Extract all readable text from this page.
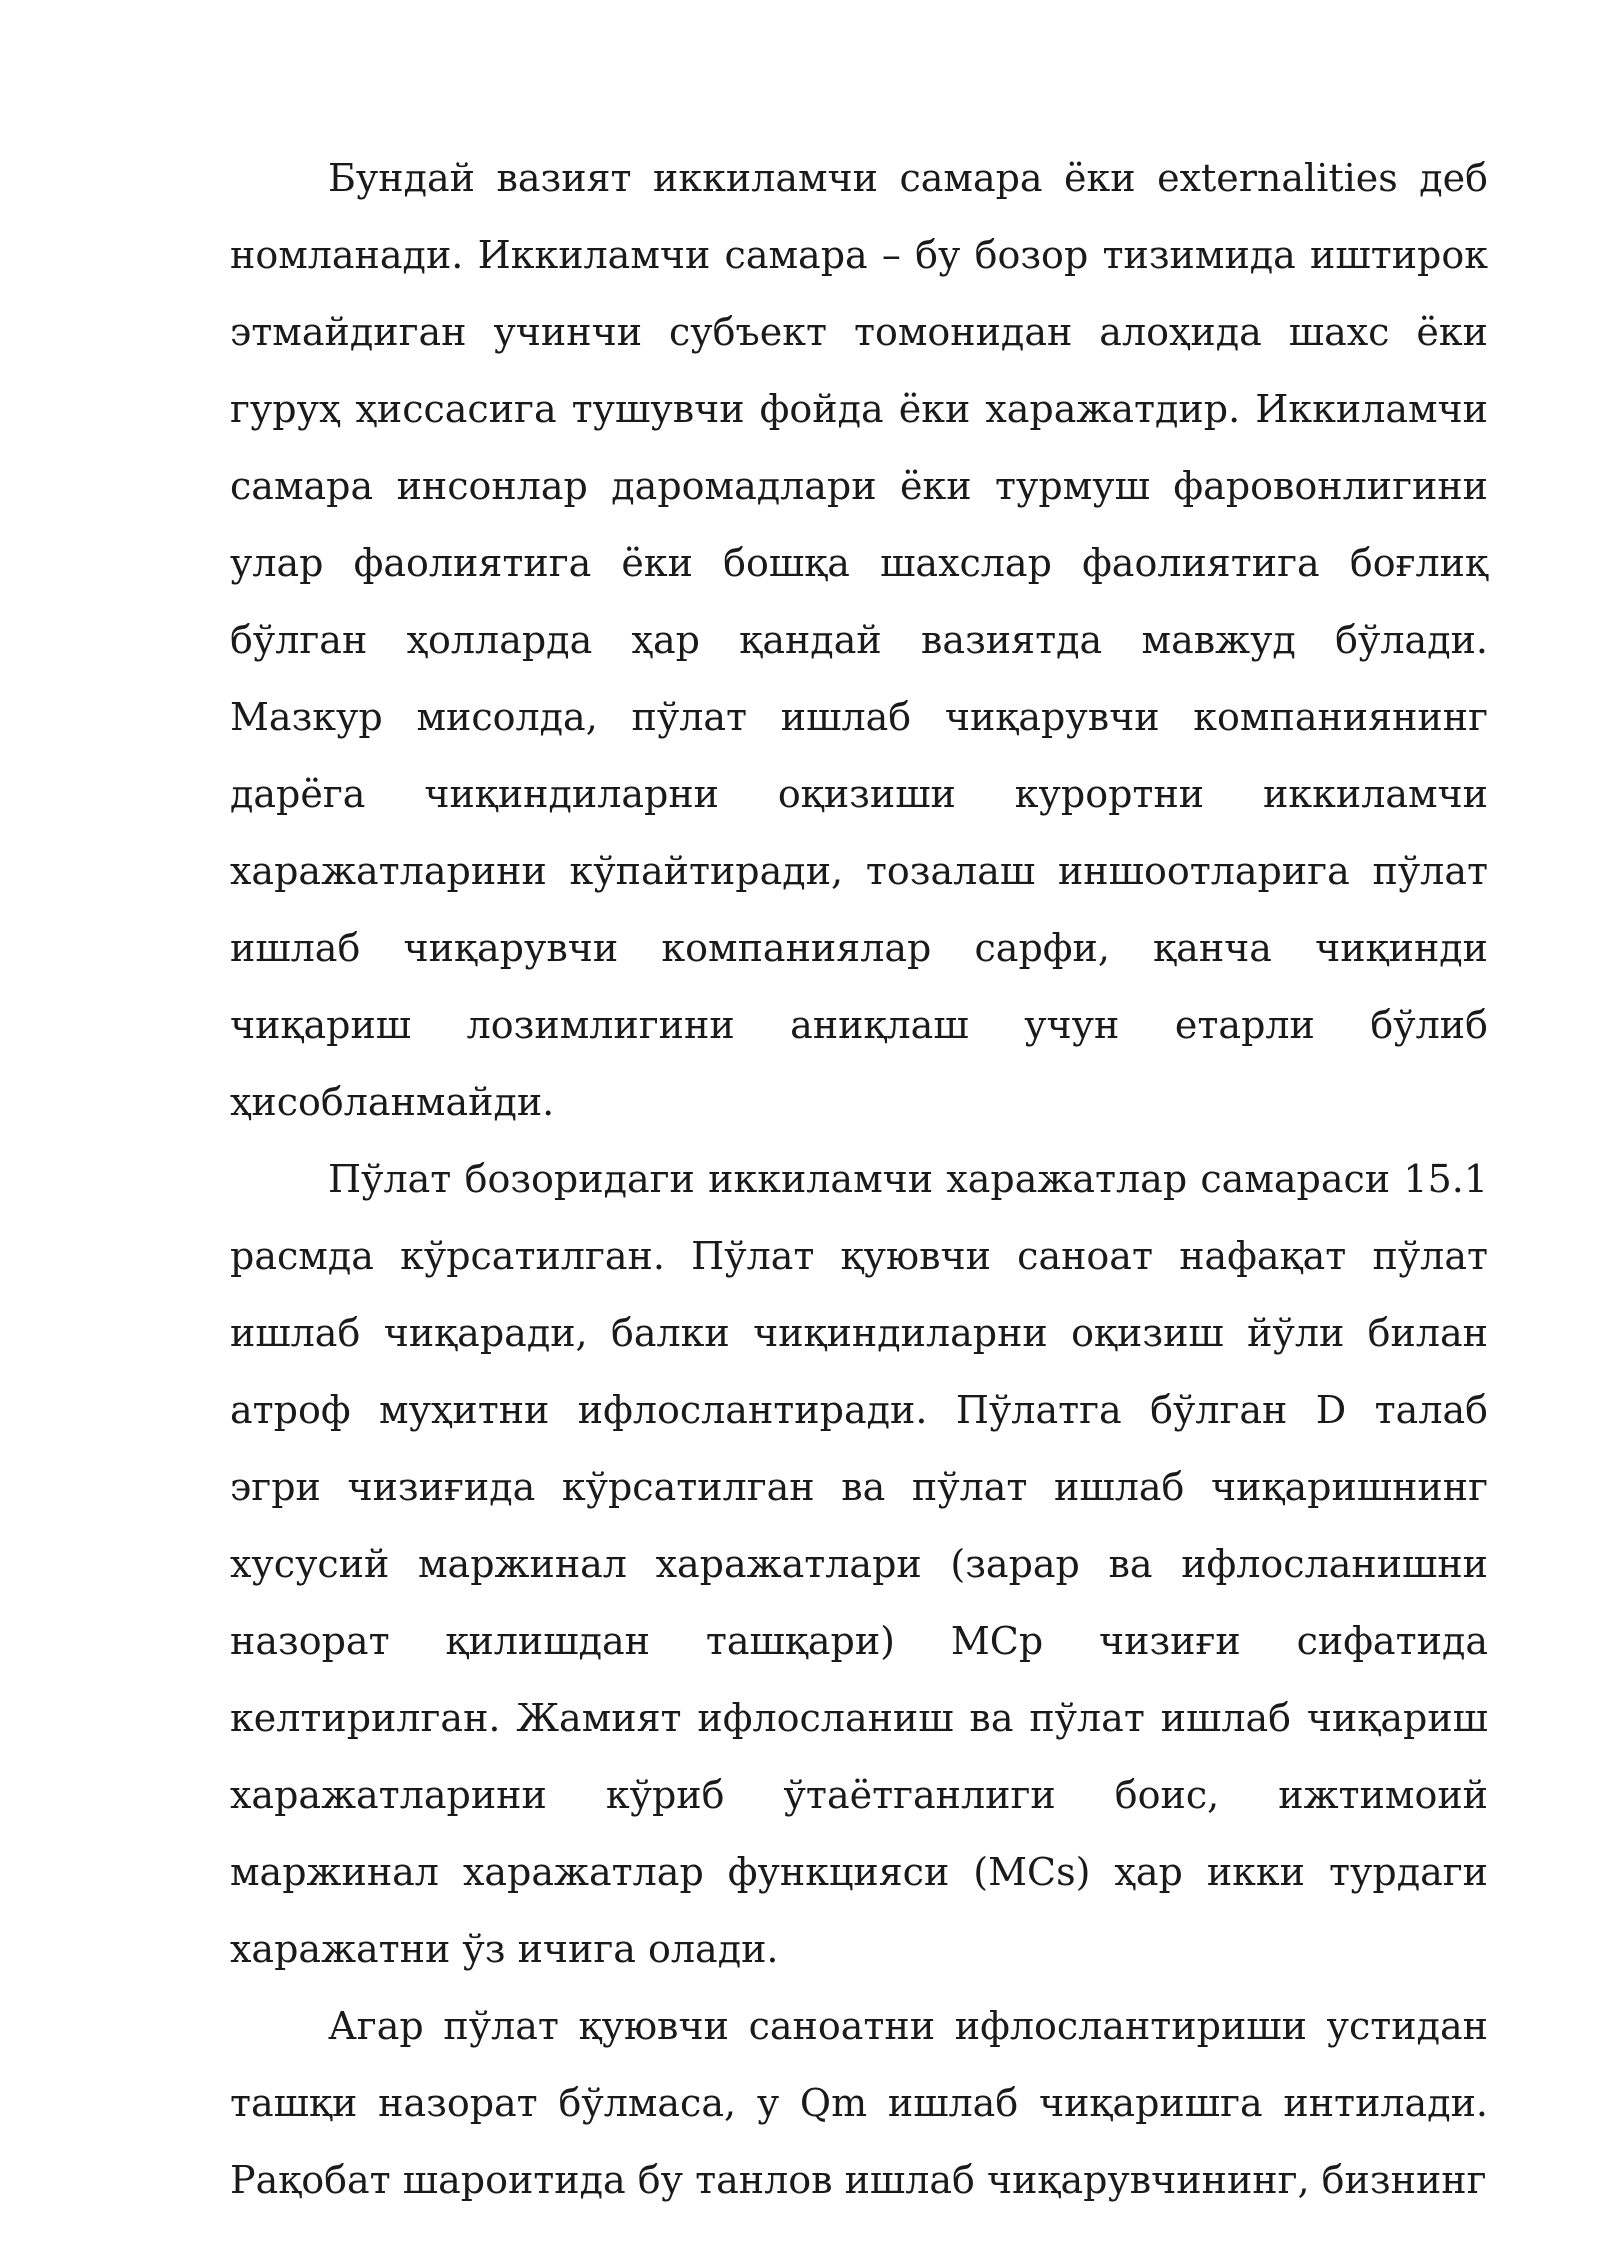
Бундай вазият иккиламчи самара ёки externalities деб номланади. Иккиламчи самара – бу бозор тизимида иштирок этмайдиган учинчи субъект томонидан алоҳида шахс ёки гуруҳ ҳиссасига тушувчи фойда ёки харажатдир. Иккиламчи самара инсонлар даромадлари ёки турмуш фаровонлигини улар фаолиятига ёки бошқа шахслар фаолиятига боғлиқ бўлган ҳолларда ҳар қандай вазиятда мавжуд бўлади. Мазкур мисолда, пўлат ишлаб чиқарувчи компаниянинг дарёга чиқиндиларни оқизиши курортни иккиламчи харажатларини кўпайтиради, тозалаш иншоотларига пўлат ишлаб чиқарувчи компаниялар сарфи, қанча чиқинди чиқариш лозимлигини аниқлаш учун етарли бўлиб ҳисобланмайди.

Пўлат бозоридаги иккиламчи харажатлар самараси 15.1 расмда кўрсатилган. Пўлат қуювчи саноат нафақат пўлат ишлаб чиқаради, балки чиқиндиларни оқизиш йўли билан атроф муҳитни ифлослантиради. Пўлатга бўлган D талаб эгри чизиғида кўрсатилган ва пўлат ишлаб чиқаришнинг хусусий маржинал харажатлари (зарар ва ифлосланишни назорат қилишдан ташқари) MCp чизиғи сифатида келтирилган. Жамият ифлосланиш ва пўлат ишлаб чиқариш харажатларини кўриб ўтаётганлиги боис, ижтимоий маржинал харажатлар функцияси (MCs) ҳар икки турдаги харажатни ўз ичига олади.

Агар пўлат қуювчи саноатни ифлослантириши устидан ташқи назорат бўлмаса, у Qm ишлаб чиқаришга интилади. Рақобат шароитида бу танлов ишлаб чиқарувчининг, бизнинг
